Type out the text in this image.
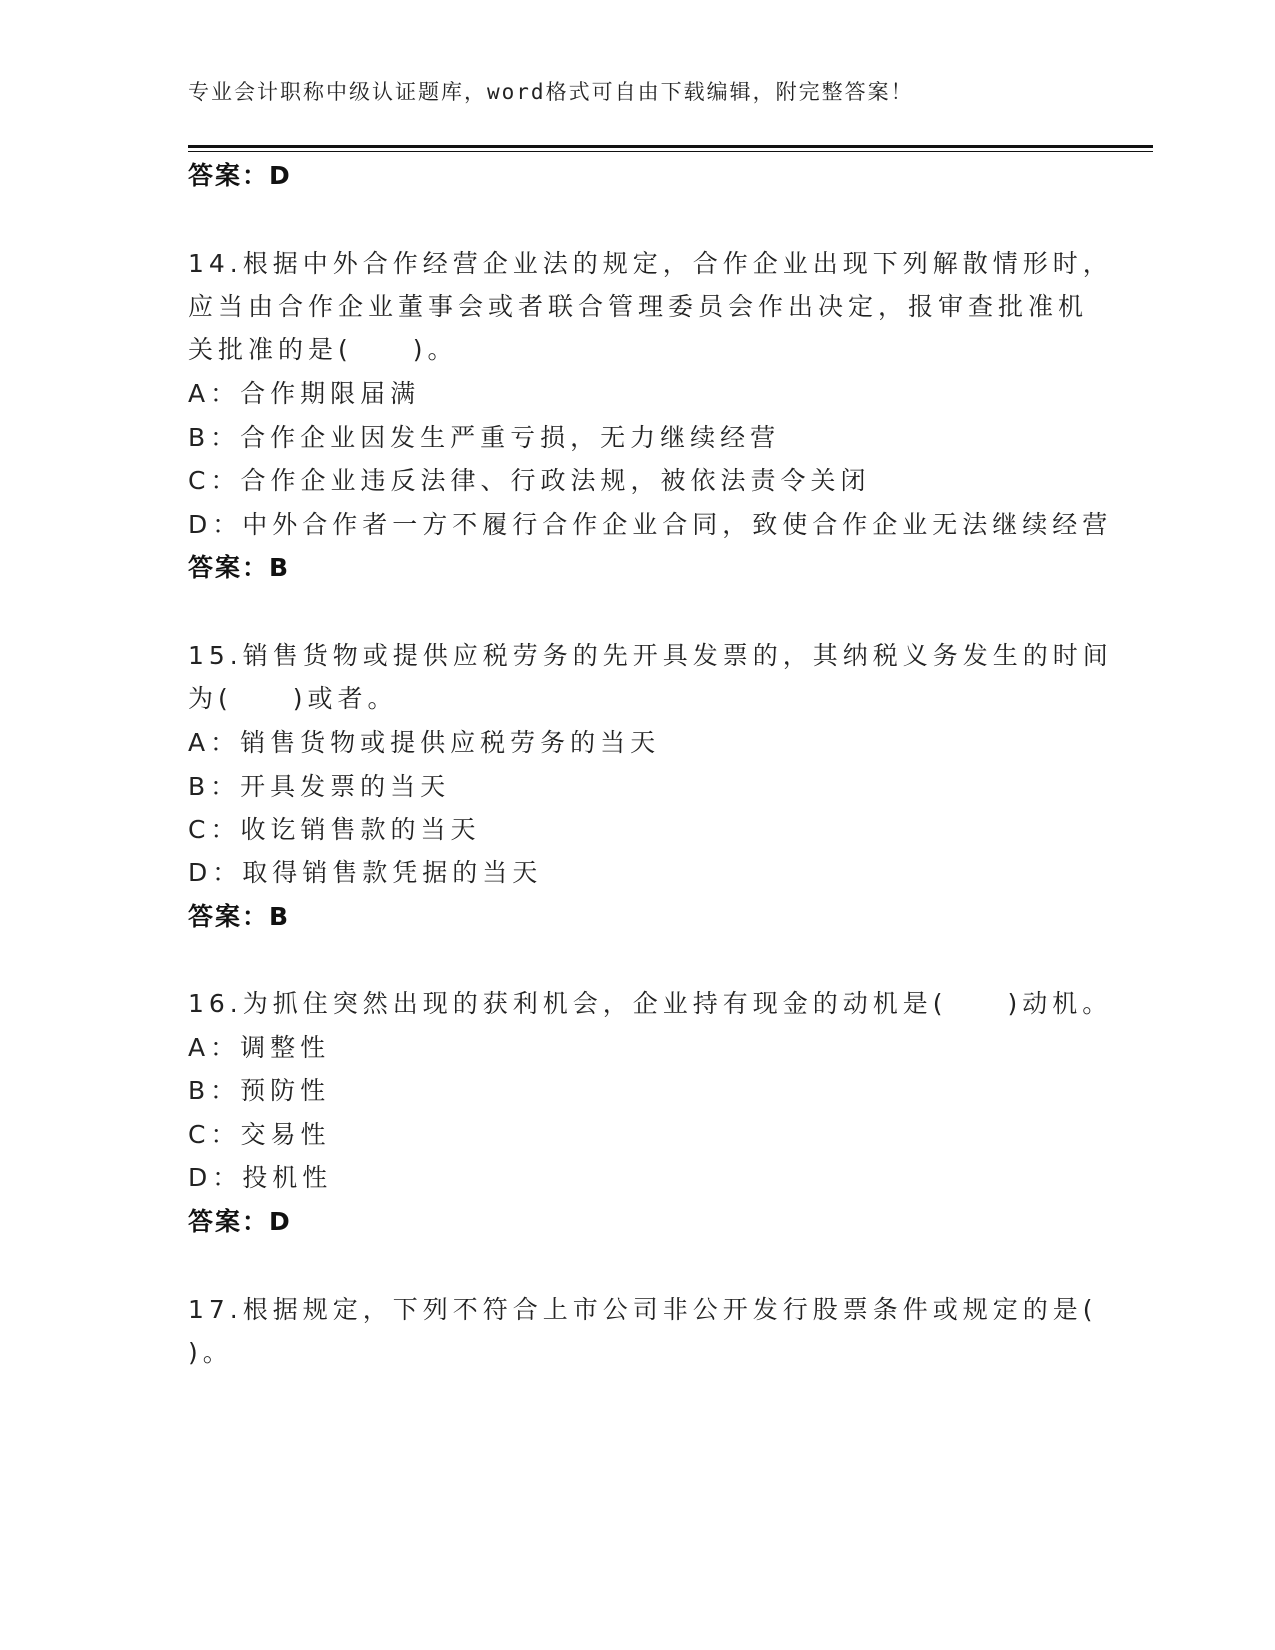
专业会计职称中级认证题库，word格式可自由下载编辑，附完整答案！
答案：D
14.根据中外合作经营企业法的规定，合作企业出现下列解散情形时，
应当由合作企业董事会或者联合管理委员会作出决定，报审查批准机
关批准的是(　　)。
A：合作期限届满
B：合作企业因发生严重亏损，无力继续经营
C：合作企业违反法律、行政法规，被依法责令关闭
D：中外合作者一方不履行合作企业合同，致使合作企业无法继续经营
答案：B
15.销售货物或提供应税劳务的先开具发票的，其纳税义务发生的时间
为(　　)或者。
A：销售货物或提供应税劳务的当天
B：开具发票的当天
C：收讫销售款的当天
D：取得销售款凭据的当天
答案：B
16.为抓住突然出现的获利机会，企业持有现金的动机是(　　)动机。
A：调整性
B：预防性
C：交易性
D：投机性
答案：D
17.根据规定，下列不符合上市公司非公开发行股票条件或规定的是(
)。
